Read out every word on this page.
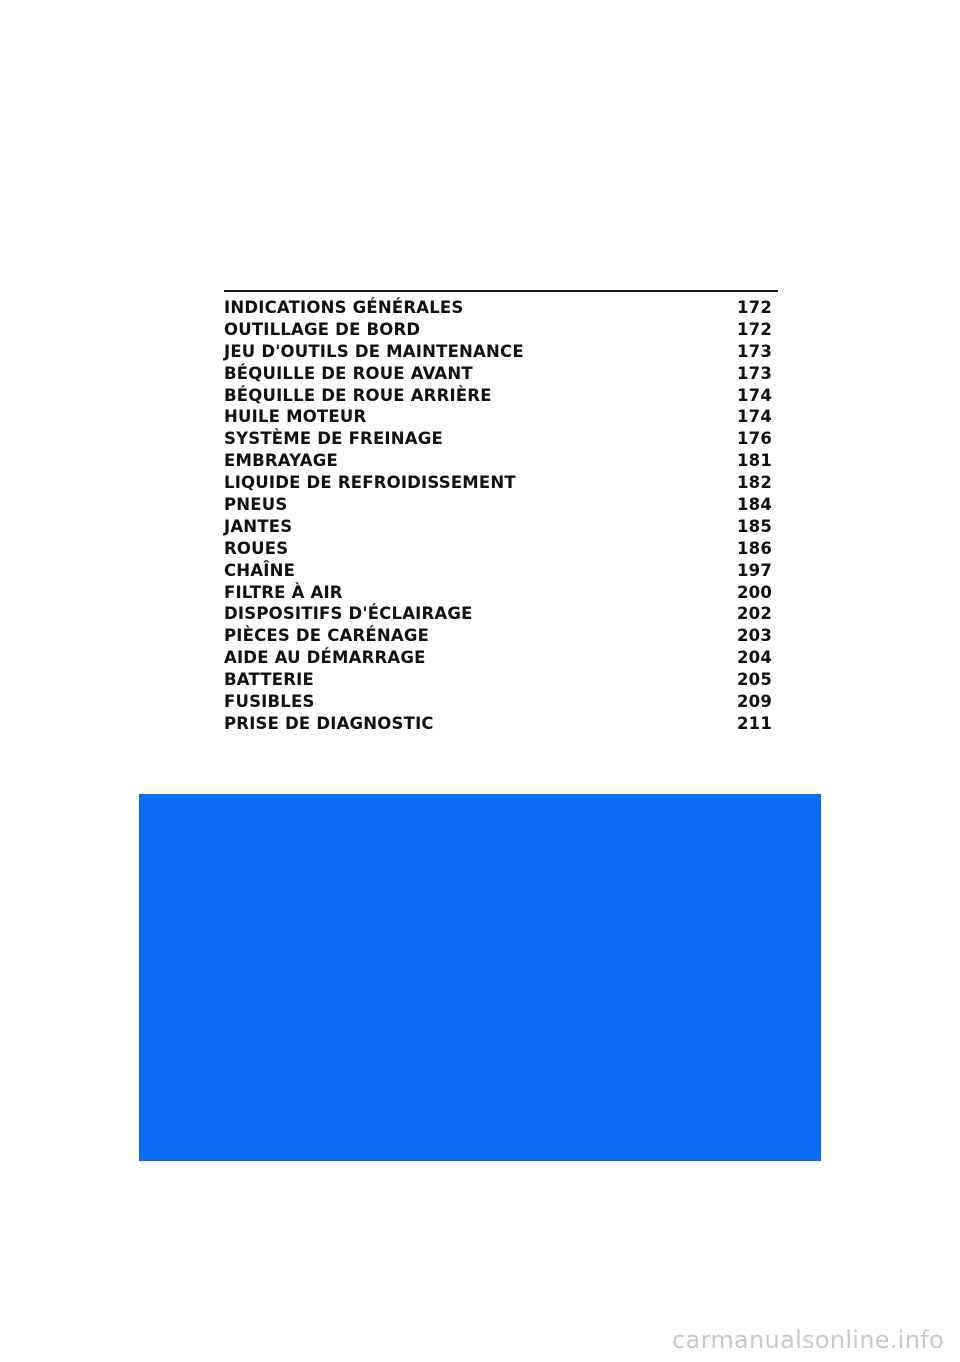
INDICATIONS GÉNÉRALES	172
OUTILLAGE DE BORD	172
JEU D'OUTILS DE MAINTENANCE	173
BÉQUILLE DE ROUE AVANT	173
BÉQUILLE DE ROUE ARRIÈRE	174
HUILE MOTEUR	174
SYSTÈME DE FREINAGE	176
EMBRAYAGE	181
LIQUIDE DE REFROIDISSEMENT	182
PNEUS	184
JANTES	185
ROUES	186
CHAÎNE	197
FILTRE À AIR	200
DISPOSITIFS D'ÉCLAIRAGE	202
PIÈCES DE CARÉNAGE	203
AIDE AU DÉMARRAGE	204
BATTERIE	205
FUSIBLES	209
PRISE DE DIAGNOSTIC	211
carmanualsonline.info
